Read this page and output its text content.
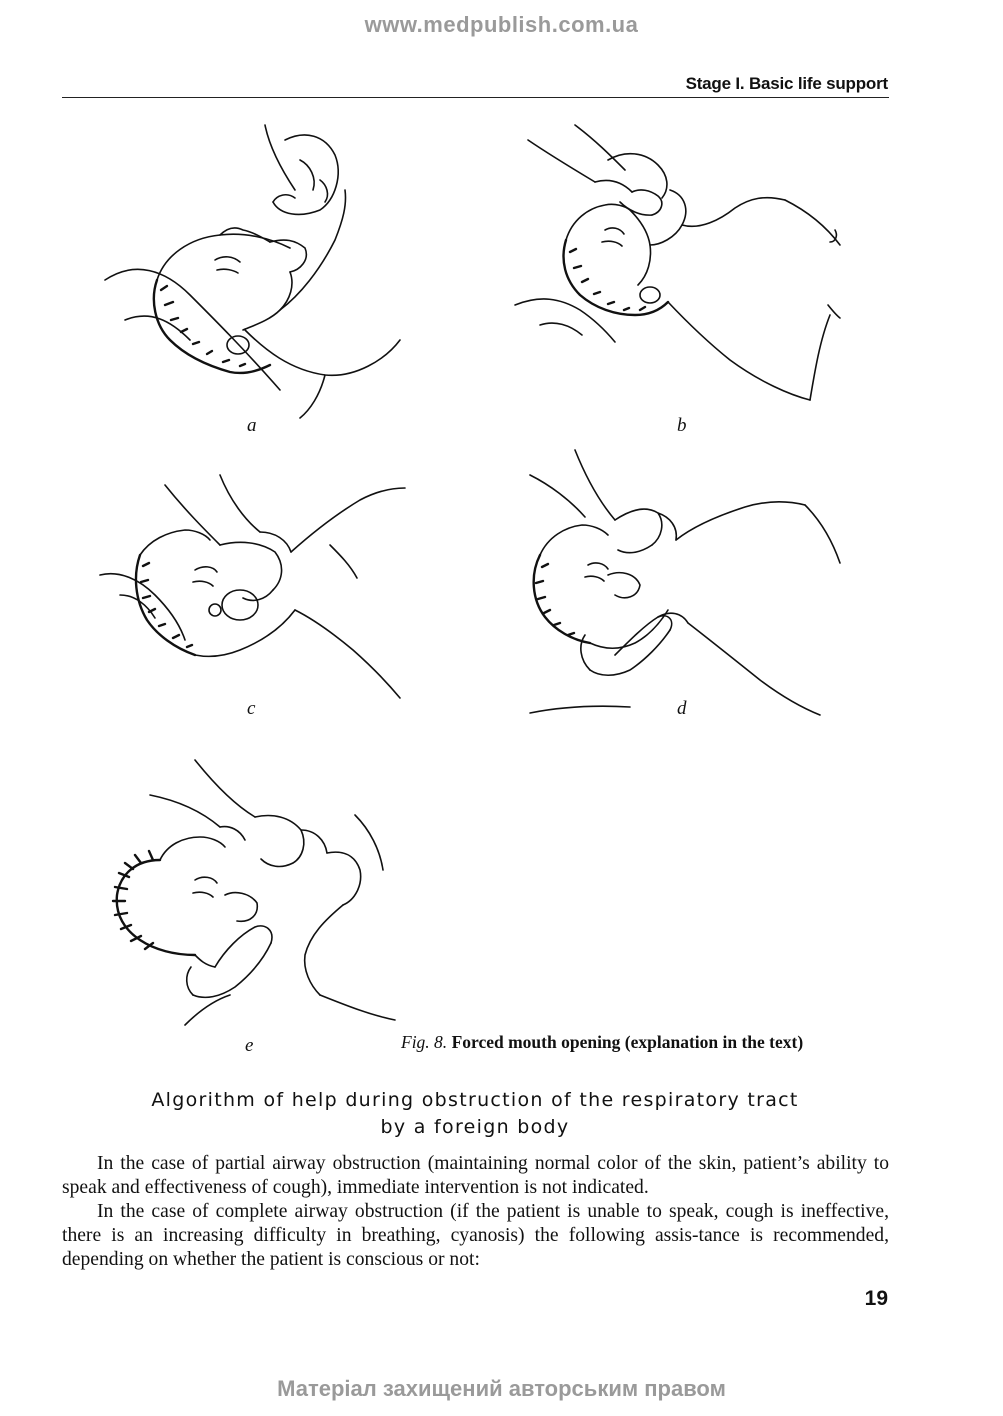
www.medpublish.com.ua
Stage I. Basic life support
a	b
c	d
e	Fig. 8. Forced mouth opening (explanation in the text)
Algorithm of help during obstruction of the respiratory tract
by a foreign body

In the case of partial airway obstruction (maintaining normal color of the skin, patient’s ability to speak and effectiveness of cough), immediate intervention is not indicated.

In the case of complete airway obstruction (if the patient is unable to speak, cough is ineffective, there is an increasing difficulty in breathing, cyanosis) the following assis-tance is recommended, depending on whether the patient is conscious or not:

19
Матеріал захищений авторським правом
